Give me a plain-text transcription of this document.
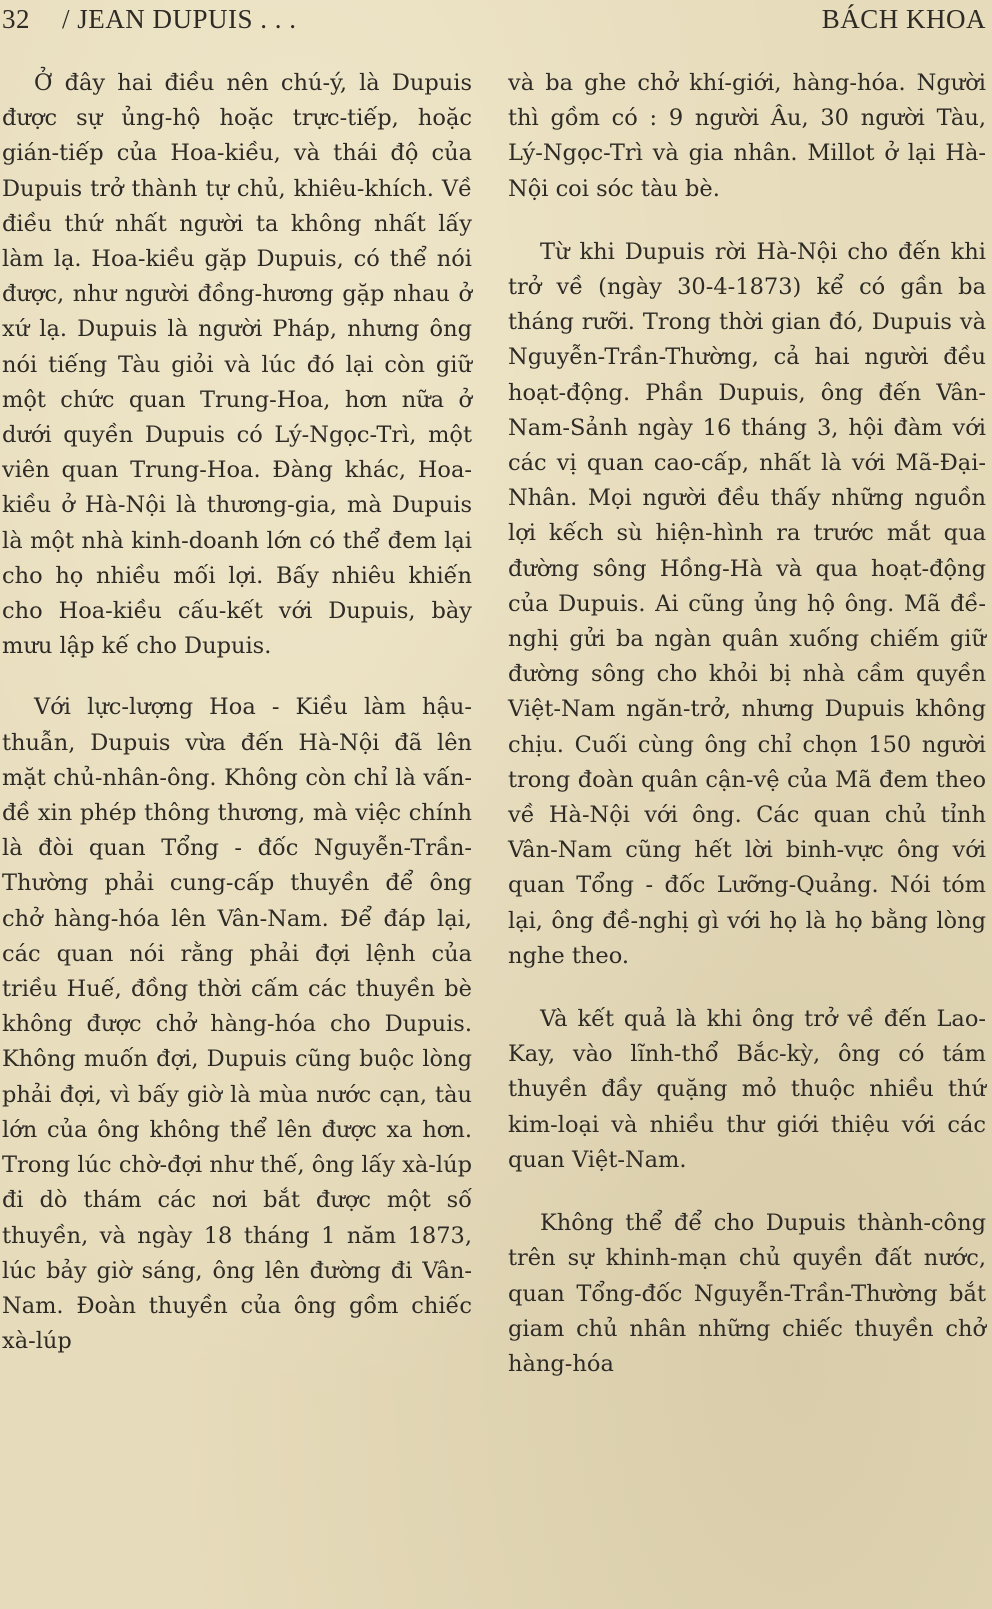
32 / JEAN DUPUIS . . .	BÁCH KHOA

Ở đây hai điều nên chú-ý, là Dupuis được sự ủng-hộ hoặc trực-tiếp, hoặc gián-tiếp của Hoa-kiều, và thái độ của Dupuis trở thành tự chủ, khiêu-khích. Về điều thứ nhất người ta không nhất lấy làm lạ. Hoa-kiều gặp Dupuis, có thể nói được, như người đồng-hương gặp nhau ở xứ lạ. Dupuis là người Pháp, nhưng ông nói tiếng Tàu giỏi và lúc đó lại còn giữ một chức quan Trung-Hoa, hơn nữa ở dưới quyền Dupuis có Lý-Ngọc-Trì, một viên quan Trung-Hoa. Đàng khác, Hoa-kiều ở Hà-Nội là thương-gia, mà Dupuis là một nhà kinh-doanh lớn có thể đem lại cho họ nhiều mối lợi. Bấy nhiêu khiến cho Hoa-kiều cấu-kết với Dupuis, bày mưu lập kế cho Dupuis.

Với lực-lượng Hoa - Kiều làm hậu-thuẫn, Dupuis vừa đến Hà-Nội đã lên mặt chủ-nhân-ông. Không còn chỉ là vấn-đề xin phép thông thương, mà việc chính là đòi quan Tổng - đốc Nguyễn-Trần-Thường phải cung-cấp thuyền để ông chở hàng-hóa lên Vân-Nam. Để đáp lại, các quan nói rằng phải đợi lệnh của triều Huế, đồng thời cấm các thuyền bè không được chở hàng-hóa cho Dupuis. Không muốn đợi, Dupuis cũng buộc lòng phải đợi, vì bấy giờ là mùa nước cạn, tàu lớn của ông không thể lên được xa hơn. Trong lúc chờ-đợi như thế, ông lấy xà-lúp đi dò thám các nơi bắt được một số thuyền, và ngày 18 tháng 1 năm 1873, lúc bảy giờ sáng, ông lên đường đi Vân-Nam. Đoàn thuyền của ông gồm chiếc xà-lúp

và ba ghe chở khí-giới, hàng-hóa. Người thì gồm có : 9 người Âu, 30 người Tàu, Lý-Ngọc-Trì và gia nhân. Millot ở lại Hà-Nội coi sóc tàu bè.

Từ khi Dupuis rời Hà-Nội cho đến khi trở về (ngày 30-4-1873) kể có gần ba tháng rưỡi. Trong thời gian đó, Dupuis và Nguyễn-Trần-Thường, cả hai người đều hoạt-động. Phần Dupuis, ông đến Vân-Nam-Sảnh ngày 16 tháng 3, hội đàm với các vị quan cao-cấp, nhất là với Mã-Đại-Nhân. Mọi người đều thấy những nguồn lợi kếch sù hiện-hình ra trước mắt qua đường sông Hồng-Hà và qua hoạt-động của Dupuis. Ai cũng ủng hộ ông. Mã đề-nghị gửi ba ngàn quân xuống chiếm giữ đường sông cho khỏi bị nhà cầm quyền Việt-Nam ngăn-trở, nhưng Dupuis không chịu. Cuối cùng ông chỉ chọn 150 người trong đoàn quân cận-vệ của Mã đem theo về Hà-Nội với ông. Các quan chủ tỉnh Vân-Nam cũng hết lời binh-vực ông với quan Tổng - đốc Lưỡng-Quảng. Nói tóm lại, ông đề-nghị gì với họ là họ bằng lòng nghe theo.

Và kết quả là khi ông trở về đến Lao-Kay, vào lĩnh-thổ Bắc-kỳ, ông có tám thuyền đầy quặng mỏ thuộc nhiều thứ kim-loại và nhiều thư giới thiệu với các quan Việt-Nam.

Không thể để cho Dupuis thành-công trên sự khinh-mạn chủ quyền đất nước, quan Tổng-đốc Nguyễn-Trần-Thường bắt giam chủ nhân những chiếc thuyền chở hàng-hóa
